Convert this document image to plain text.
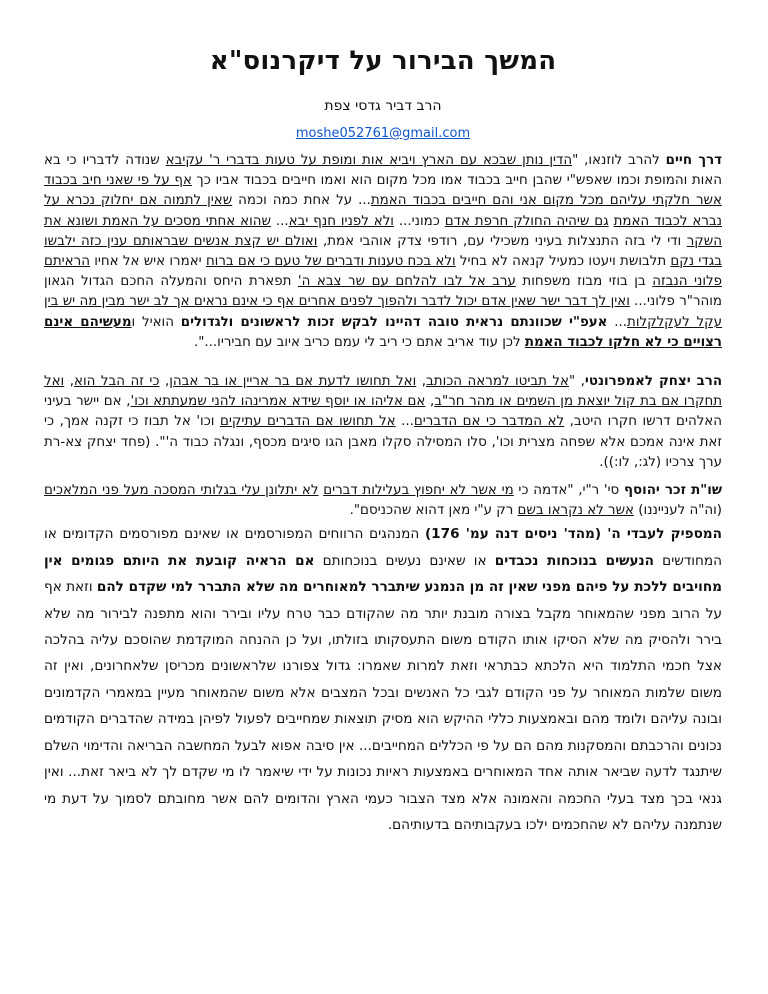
המשך הבירור על דיקרנוס"א
הרב דביר גדסי צפת
moshe052761@gmail.com

דרך חיים להרב לוזנאו, "הדין נותן שבכא עם הארץ ויביא אות ומופת על טעות בדברי ר' עקיבא שנודה לדבריו כי בא האות והמופת וכמו שאפש"י שהבן חייב בכבוד אמו מכל מקום הוא ואמו חייבים בכבוד אביו כך אף על פי שאני חיב בכבוד אשר חלקתי עליהם מכל מקום אני והם חייבים בכבוד האמת... על אחת כמה וכמה שאין לתמוה אם יחלוק נכרא על נברא לכבוד האמת גם שיהיה החולק חרפת אדם כמוני... ולא לפניו חנף יבא... שהוא אחתי מסכים על האמת ושונא את השקר ודי לי בזה התנצלות בעיני משכילי עם, רודפי צדק אוהבי אמת, ואולם יש קצת אנשים שבראותם ענין כזה ילבשו בגדי נקם תלבושת ויעטו כמעיל קנאה לא בחיל ולא בכח טענות ודברים של טעם כי אם ברוח יאמרו איש אל אחיו הראיתם פלוני הנבזה בן בוזי מבוז משפחות ערב אל לבו להלחם עם שר צבא ה' תפארת היחס והמעלה החכם הגדול הגאון מוהר"ר פלוני... ואין לך דבר ישר שאין אדם יכול לדבר ולהפוך לפנים אחרים אף כי אינם נראים אך לב ישר מבין מה יש בין עקל לעקלקלות... אעפ"י שכוונתם נראית טובה דהיינו לבקש זכות לראשונים ולגדולים הואיל ומעשיהם אינם רצויים כי לא חלקו לכבוד האמת לכן עוד אריב אתם כי ריב לי עמם כריב איוב עם חביריו...".

הרב יצחק לאמפרונטי, "אל תביטו למראה הכותב, ואל תחושו לדעת אם בר אריין או בר אבהן, כי זה הבל הוא, ואל תחקרו אם בת קול יוצאת מן השמים או מהר חר"ב, אם אליהו או יוסף שידא אמרינהו להני שמעתתא וכו', אם יישר בעיני האלהים דרשו חקרו היטב, לא המדבר כי אם הדברים... אל תחושו אם הדברים עתיקים וכו' אל תבוז כי זקנה אמך, כי זאת אינה אמכם אלא שפחה מצרית וכו', סלו המסילה סקלו מאבן הגו סיגים מכסף, ונגלה כבוד ה'". (פחד יצחק צא-רת ערך צרכיו (לג:, לו:)).

שו"ת זכר יהוסף סי' ר"י, "אדמה כי מי אשר לא יחפוץ בעלילות דברים לא יתלונן עלי בגלותי המסכה מעל פני המלאכים (וה"ה לענייננו) אשר לא נקראו בשם רק ע"י מאן דהוא שהכניסם".

המספיק לעבדי ה' (מהד' ניסים דנה עמ' 176) המנהגים הרווחים המפורסמים או שאינם מפורסמים הקדומים או המחודשים הנעשים בנוכחות נכבדים או שאינם נעשים בנוכחותם אם הראיה קובעת את היותם פגומים אין מחויבים ללכת על פיהם מפני שאין זה מן הנמנע שיתברר למאוחרים מה שלא התברר למי שקדם להם וזאת אף על הרוב מפני שהמאוחר מקבל בצורה מובנת יותר מה שהקודם כבר טרח עליו ובירר והוא מתפנה לבירור מה שלא בירר ולהסיק מה שלא הסיקו אותו הקודם משום התעסקותו בזולתו, ועל כן ההנחה המוקדמת שהוסכם עליה בהלכה אצל חכמי התלמוד היא הלכתא כבתראי וזאת למרות שאמרו: גדול צפורנו שלראשונים מכריסן שלאחרונים, ואין זה משום שלמות המאוחר על פני הקודם לגבי כל האנשים ובכל המצבים אלא משום שהמאוחר מעיין במאמרי הקדמונים ובונה עליהם ולומד מהם ובאמצעות כללי ההיקש הוא מסיק תוצאות שמחייבים לפעול לפיהן במידה שהדברים הקודמים נכונים והרכבתם והמסקנות מהם הם על פי הכללים המחייבים... אין סיבה אפוא לבעל המחשבה הבריאה והדימוי השלם שיתנגד לדעה שביאר אותה אחד המאוחרים באמצעות ראיות נכונות על ידי שיאמר לו מי שקדם לך לא ביאר זאת... ואין גנאי בכך מצד בעלי החכמה והאמונה אלא מצד הצבור כעמי הארץ והדומים להם אשר מחובתם לסמוך על דעת מי שנתמנה עליהם לא שהחכמים ילכו בעקבותיהם בדעותיהם.
